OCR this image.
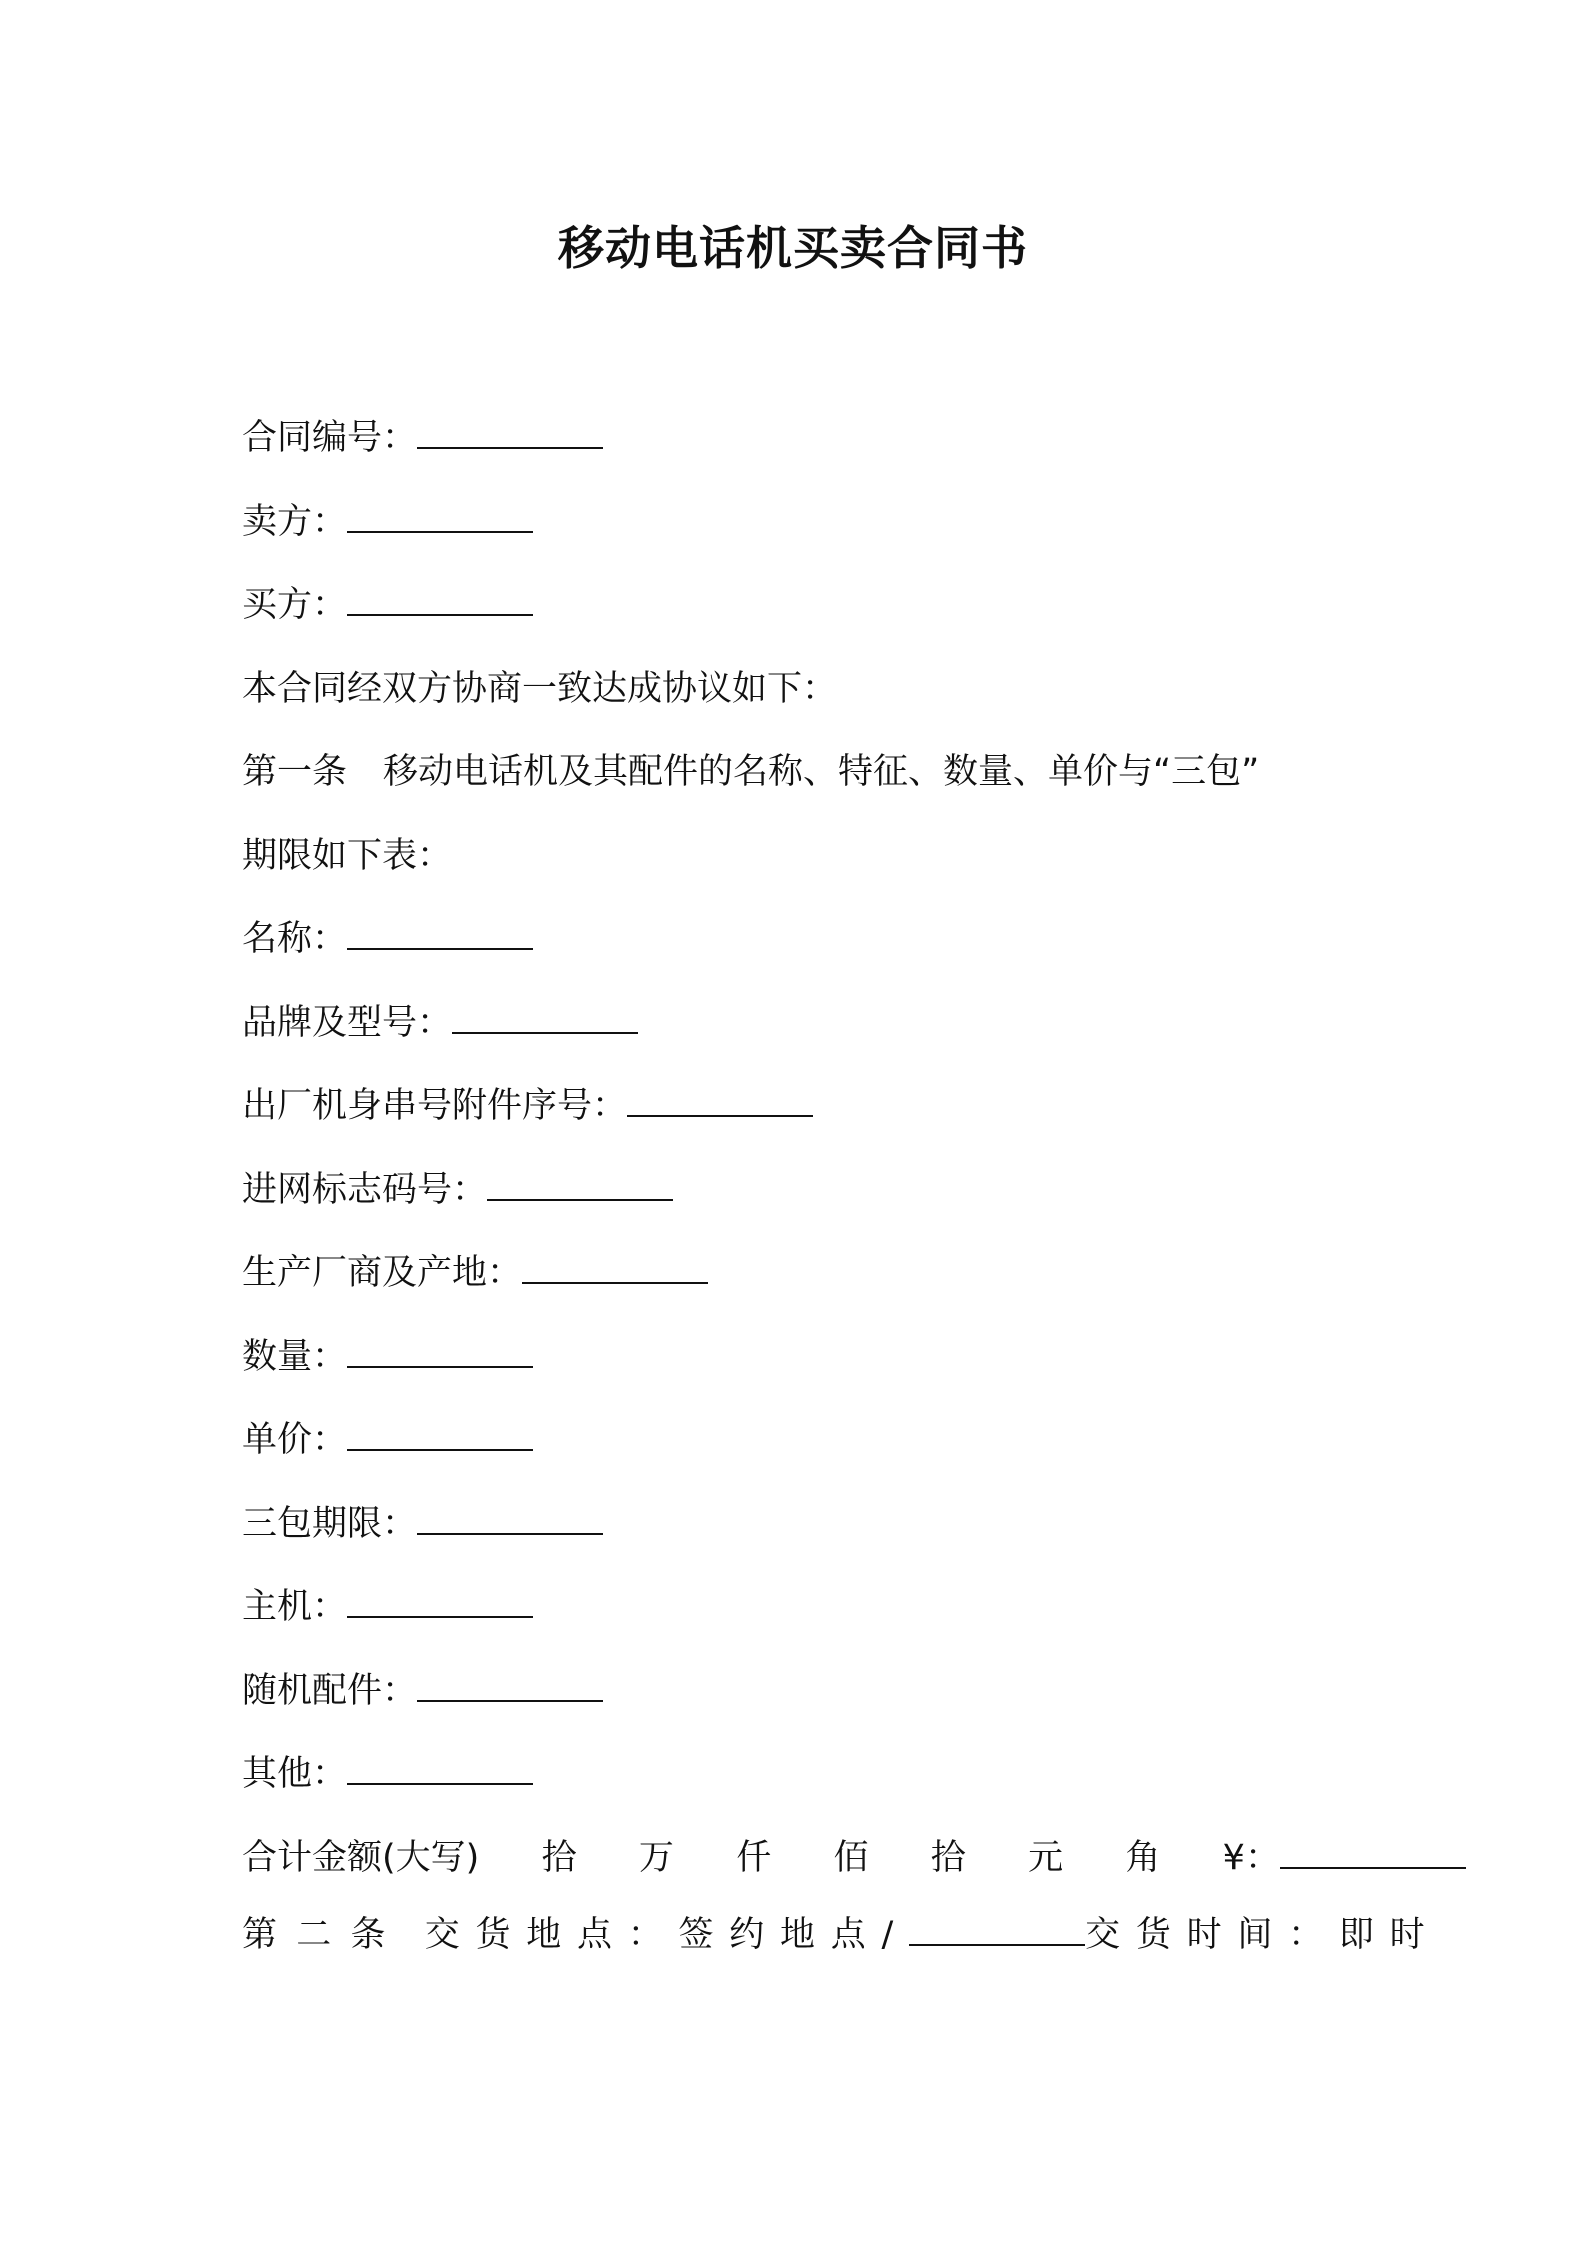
移动电话机买卖合同书
合同编号：
卖方：
买方：
本合同经双方协商一致达成协议如下：
第一条 移动电话机及其配件的名称、特征、数量、单价与“三包”
期限如下表：
名称：
品牌及型号：
出厂机身串号附件序号：
进网标志码号：
生产厂商及产地：
数量：
单价：
三包期限：
主机：
随机配件：
其他：
合计金额(大写) 拾 万 仟 佰 拾 元 角 ¥：
第二条 交货地点：签约地点/	交货时间：即时
